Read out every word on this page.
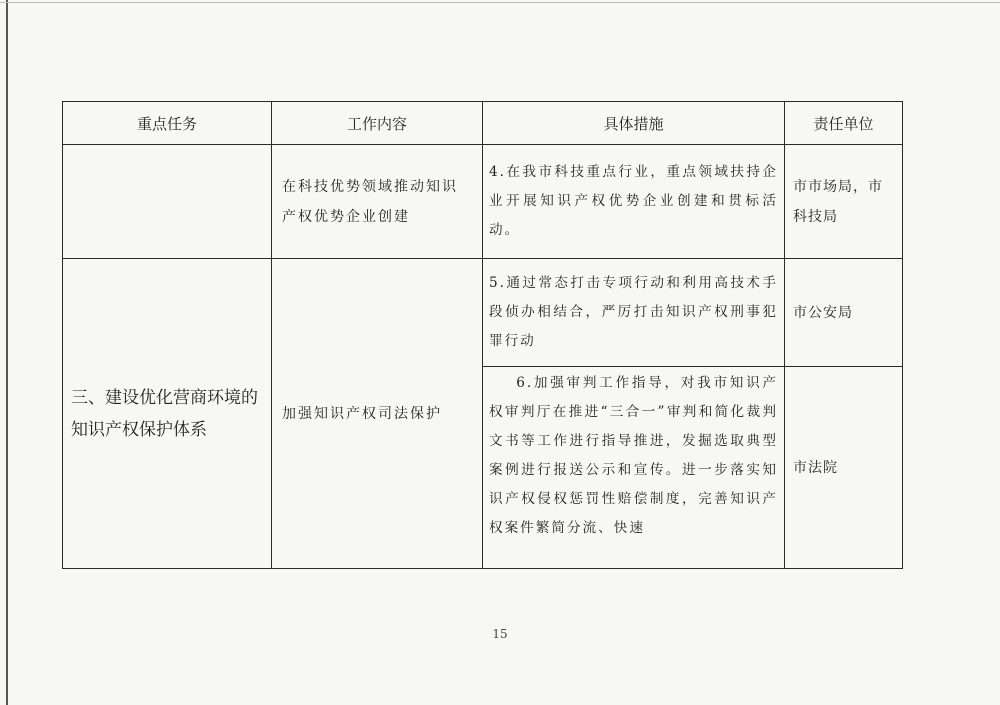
重点任务	工作内容	具体措施	责任单位

	在科技优势领域推动知识产权优势企业创建	4.在我市科技重点行业，重点领域扶持企业开展知识产权优势企业创建和贯标活动。	市市场局，市科技局

三、建设优化营商环境的知识产权保护体系	加强知识产权司法保护	5.通过常态打击专项行动和利用高技术手段侦办相结合，严厉打击知识产权刑事犯罪行动	市公安局

		6.加强审判工作指导，对我市知识产权审判厅在推进“三合一”审判和简化裁判文书等工作进行指导推进，发掘选取典型案例进行报送公示和宣传。进一步落实知识产权侵权惩罚性赔偿制度，完善知识产权案件繁简分流、快速	市法院
15
